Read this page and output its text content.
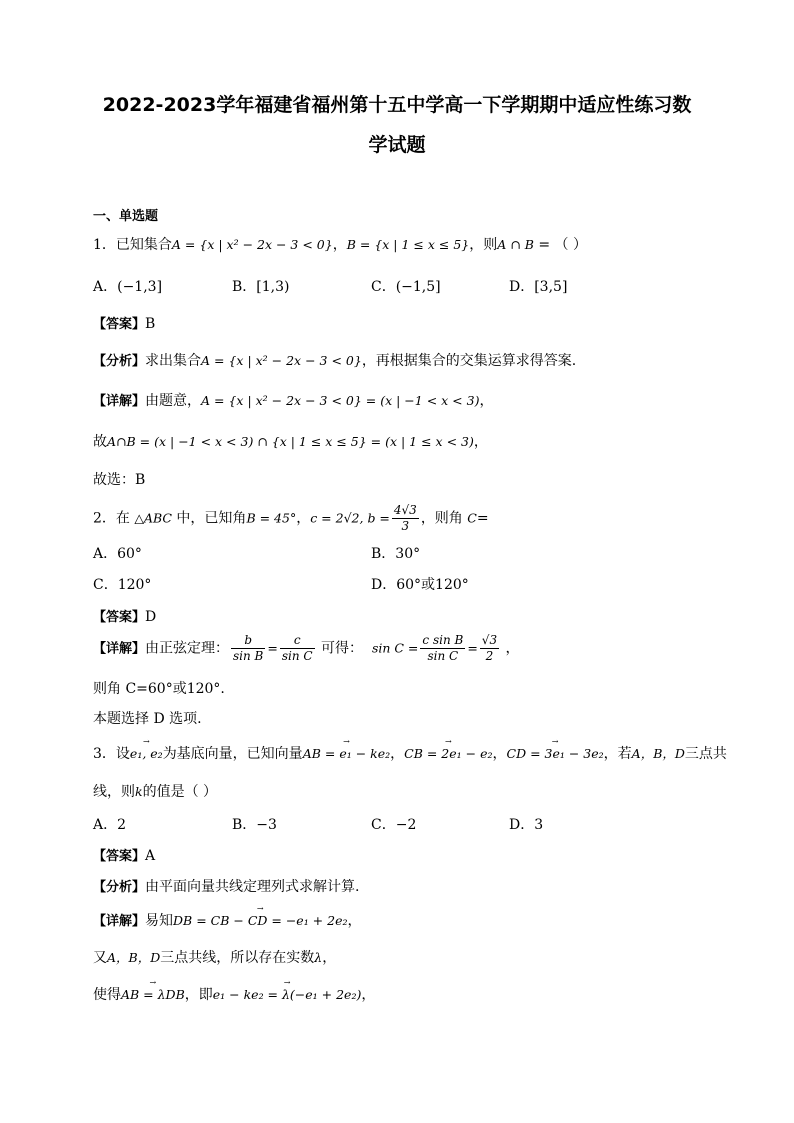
2022-2023学年福建省福州第十五中学高一下学期期中适应性练习数
学试题
一、单选题
1．已知集合A = {x | x² − 2x − 3 < 0}，B = {x | 1 ≤ x ≤ 5}，则A ∩ B = （ ）
A．(−1,3]	B．[1,3)	C．(−1,5]	D．[3,5]
【答案】B
【分析】求出集合A = {x | x² − 2x − 3 < 0}，再根据集合的交集运算求得答案.
【详解】由题意，A = {x | x² − 2x − 3 < 0} = (x | −1 < x < 3)，
故A∩B = (x | −1 < x < 3) ∩ {x | 1 ≤ x ≤ 5} = (x | 1 ≤ x < 3)，
故选：B
2．在 △ABC 中，已知角B = 45°，c = 2√2, $b = \frac{4√3}{3}$ ，则角 C=
A．60°	B．30°
C．120°	D．60°或120°
【答案】D
【详解】由正弦定理： $\frac{b}{\text{sin B}} = \frac{c}{\text{sin C}}$ 可得： $\sin C = \frac{\text{c sin B}}{\text{sin C}} = \frac{√3}{2}$ ，
则角 C=60°或120°.
本题选择 D 选项.
3．设→ e₁, e₂为基底向量，已知向量→ AB = e₁ − ke₂，→ CB = 2e₁ − e₂，→ CD = 3e₁ − 3e₂，若A，B，D三点共
线，则k的值是（ ）
A．2	B．−3	C．−2	D．3
【答案】A
【分析】由平面向量共线定理列式求解计算.
【详解】易知→ DB = CB − CD = −e₁ + 2e₂，
又A，B，D三点共线，所以存在实数λ，
使得→ AB = λDB，即→ e₁ − ke₂ = λ(−e₁ + 2e₂)，
